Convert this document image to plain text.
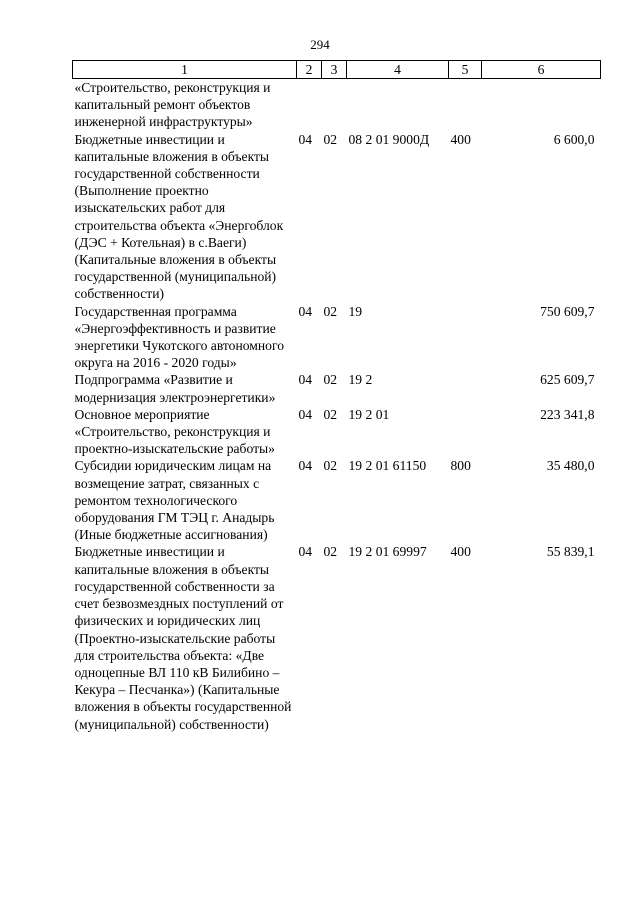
294
1	2	3	4	5	6
«Строительство, реконструкция и капитальный ремонт объектов инженерной инфраструктуры»					
Бюджетные инвестиции и капитальные вложения в объекты государственной собственности (Выполнение проектно изыскательских работ для строительства объекта «Энергоблок (ДЭС + Котельная) в с.Ваеги) (Капитальные вложения в объекты государственной (муниципальной) собственности)	04	02	08 2 01 9000Д	400	6 600,0
Государственная программа «Энергоэффективность и развитие энергетики Чукотского автономного округа на 2016 - 2020 годы»	04	02	19		750 609,7
Подпрограмма «Развитие и модернизация электроэнергетики»	04	02	19 2		625 609,7
Основное мероприятие «Строительство, реконструкция и проектно-изыскательские работы»	04	02	19 2 01		223 341,8
Субсидии юридическим лицам на возмещение затрат, связанных с ремонтом технологического оборудования ГМ ТЭЦ г. Анадырь (Иные бюджетные ассигнования)	04	02	19 2 01 61150	800	35 480,0
Бюджетные инвестиции и капитальные вложения в объекты государственной собственности за счет безвозмездных поступлений от физических и юридических лиц (Проектно-изыскательские работы для строительства объекта: «Две одноцепные ВЛ 110 кВ Билибино – Кекура – Песчанка») (Капитальные вложения в объекты государственной (муниципальной) собственности)	04	02	19 2 01 69997	400	55 839,1
